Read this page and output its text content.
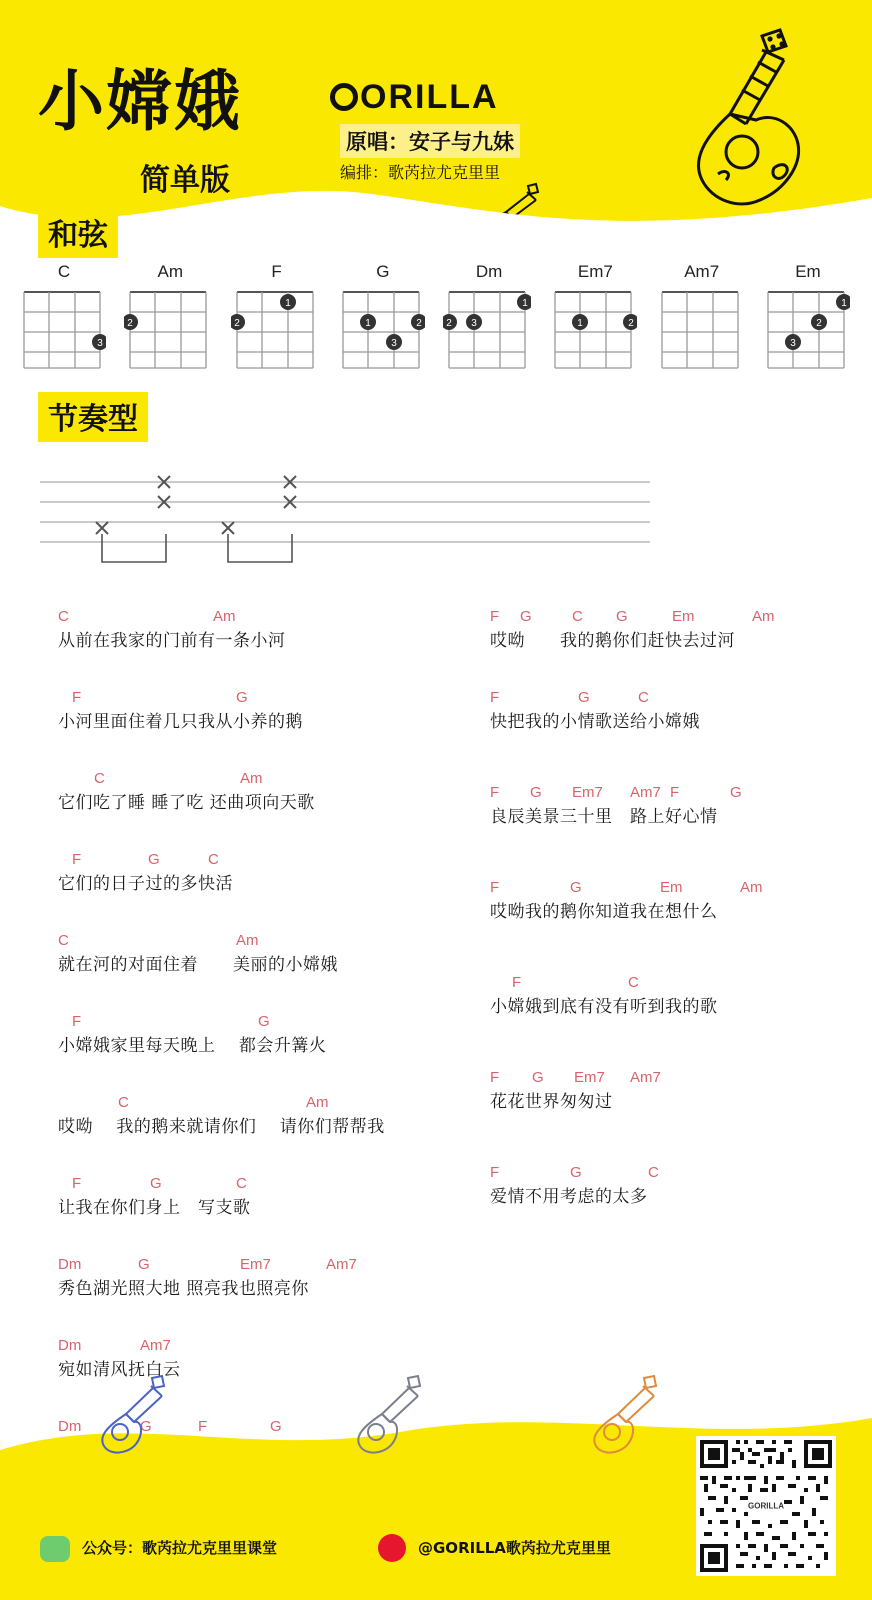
小嫦娥
简单版
ORILLA
原唱：安子与九妹
编排：歌芮拉尤克里里
和弦
C
3
Am
2
F
1
2
G
1	2
3
Dm
1
2 3
Em7
1	2
Am7	Em
1
2
3
节奏型
C	Am
从前在我家的门前有一条小河
F	G
小河里面住着几只我从小养的鹅
C	Am
它们吃了睡 睡了吃 还曲项向天歌
F	G	C
它们的日子过的多快活
C	Am
就在河的对面住着　　美丽的小嫦娥
F	G
小嫦娥家里每天晚上　 都会升篝火
C	Am
哎呦　 我的鹅来就请你们　 请你们帮帮我
F	G	C
让我在你们身上　写支歌
Dm	G	Em7	Am7
秀色湖光照大地 照亮我也照亮你
Dm	Am7
宛如清风抚白云
Dm	G	F	G
F G	C G	Em	Am
哎呦　　我的鹅你们赶快去过河
F	G	C
快把我的小情歌送给小嫦娥
F G Em7 Am7 F	G
良辰美景三十里　路上好心情
F	G	Em	Am
哎呦我的鹅你知道我在想什么
F	C
小嫦娥到底有没有听到我的歌
F G Em7 Am7
花花世界匆匆过
F	G	C
爱情不用考虑的太多
公众号：歌芮拉尤克里里课堂	@GORILLA歌芮拉尤克里里
GORILLA
